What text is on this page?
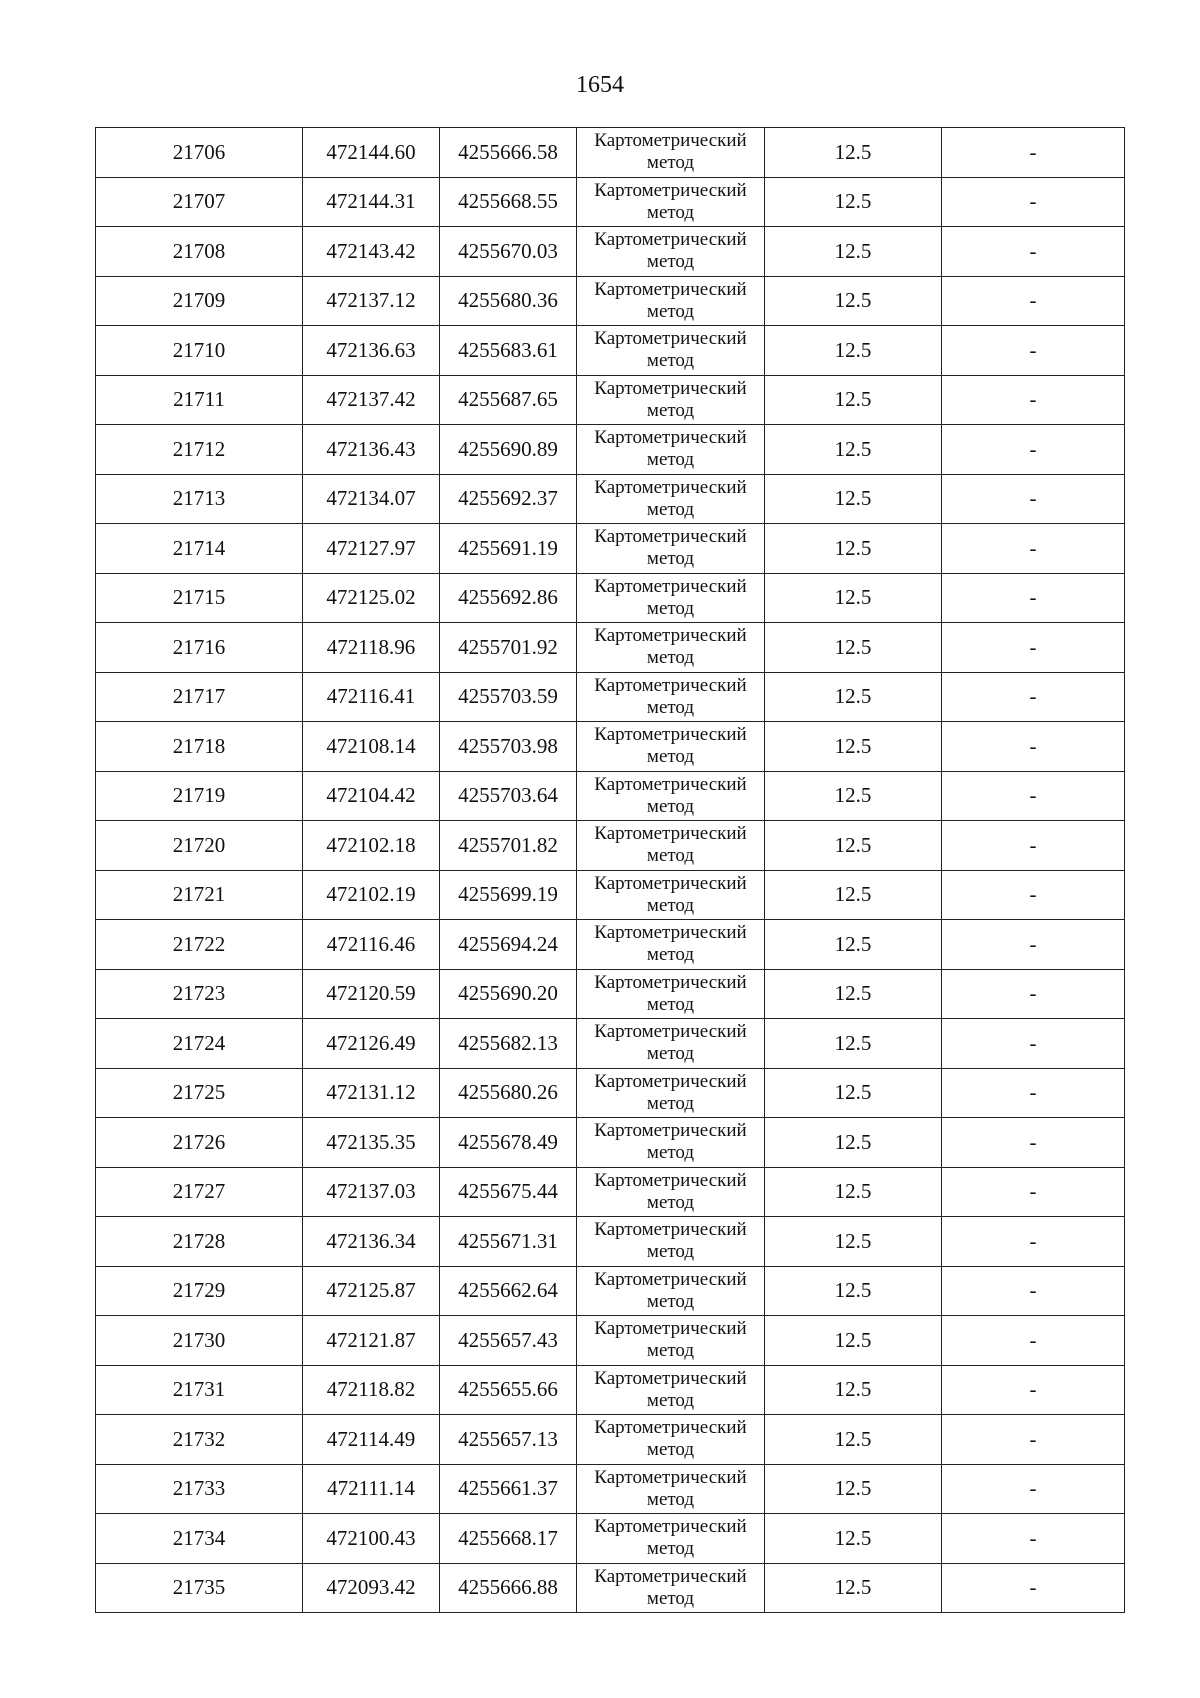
1654
21706	472144.60	4255666.58	Картометрический
метод	12.5	-
21707	472144.31	4255668.55	Картометрический
метод	12.5	-
21708	472143.42	4255670.03	Картометрический
метод	12.5	-
21709	472137.12	4255680.36	Картометрический
метод	12.5	-
21710	472136.63	4255683.61	Картометрический
метод	12.5	-
21711	472137.42	4255687.65	Картометрический
метод	12.5	-
21712	472136.43	4255690.89	Картометрический
метод	12.5	-
21713	472134.07	4255692.37	Картометрический
метод	12.5	-
21714	472127.97	4255691.19	Картометрический
метод	12.5	-
21715	472125.02	4255692.86	Картометрический
метод	12.5	-
21716	472118.96	4255701.92	Картометрический
метод	12.5	-
21717	472116.41	4255703.59	Картометрический
метод	12.5	-
21718	472108.14	4255703.98	Картометрический
метод	12.5	-
21719	472104.42	4255703.64	Картометрический
метод	12.5	-
21720	472102.18	4255701.82	Картометрический
метод	12.5	-
21721	472102.19	4255699.19	Картометрический
метод	12.5	-
21722	472116.46	4255694.24	Картометрический
метод	12.5	-
21723	472120.59	4255690.20	Картометрический
метод	12.5	-
21724	472126.49	4255682.13	Картометрический
метод	12.5	-
21725	472131.12	4255680.26	Картометрический
метод	12.5	-
21726	472135.35	4255678.49	Картометрический
метод	12.5	-
21727	472137.03	4255675.44	Картометрический
метод	12.5	-
21728	472136.34	4255671.31	Картометрический
метод	12.5	-
21729	472125.87	4255662.64	Картометрический
метод	12.5	-
21730	472121.87	4255657.43	Картометрический
метод	12.5	-
21731	472118.82	4255655.66	Картометрический
метод	12.5	-
21732	472114.49	4255657.13	Картометрический
метод	12.5	-
21733	472111.14	4255661.37	Картометрический
метод	12.5	-
21734	472100.43	4255668.17	Картометрический
метод	12.5	-
21735	472093.42	4255666.88	Картометрический
метод	12.5	-
